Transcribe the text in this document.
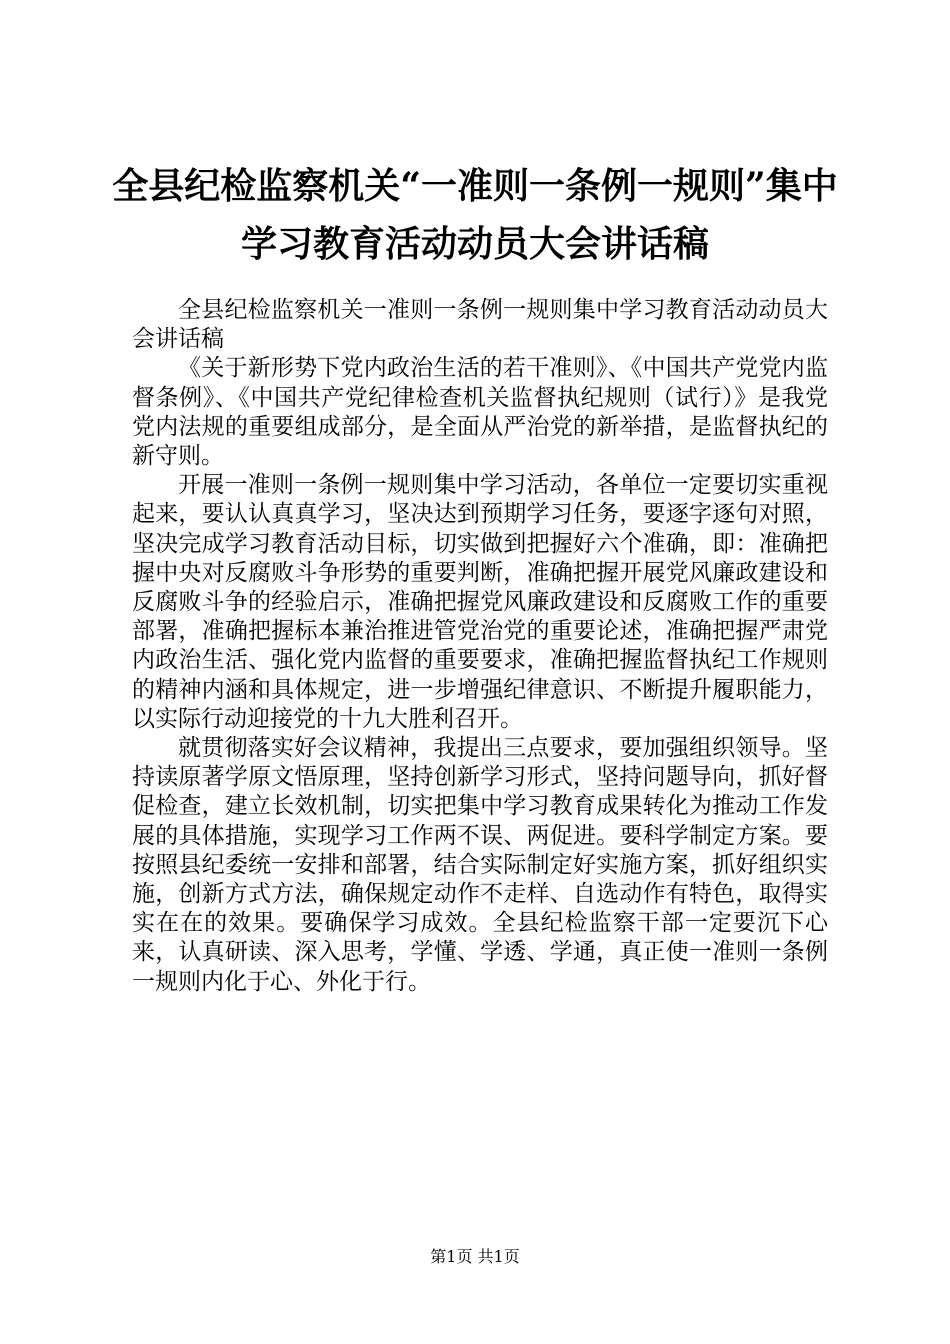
全县纪检监察机关“一准则一条例一规则”集中学习教育活动动员大会讲话稿

全县纪检监察机关一准则一条例一规则集中学习教育活动动员大会讲话稿

《关于新形势下党内政治生活的若干准则》、《中国共产党党内监督条例》、《中国共产党纪律检查机关监督执纪规则（试行）》是我党党内法规的重要组成部分，是全面从严治党的新举措，是监督执纪的新守则。

开展一准则一条例一规则集中学习活动，各单位一定要切实重视起来，要认认真真学习，坚决达到预期学习任务，要逐字逐句对照，坚决完成学习教育活动目标，切实做到把握好六个准确，即：准确把握中央对反腐败斗争形势的重要判断，准确把握开展党风廉政建设和反腐败斗争的经验启示，准确把握党风廉政建设和反腐败工作的重要部署，准确把握标本兼治推进管党治党的重要论述，准确把握严肃党内政治生活、强化党内监督的重要要求，准确把握监督执纪工作规则的精神内涵和具体规定，进一步增强纪律意识、不断提升履职能力，以实际行动迎接党的十九大胜利召开。

就贯彻落实好会议精神，我提出三点要求，要加强组织领导。坚持读原著学原文悟原理，坚持创新学习形式，坚持问题导向，抓好督促检查，建立长效机制，切实把集中学习教育成果转化为推动工作发展的具体措施，实现学习工作两不误、两促进。要科学制定方案。要按照县纪委统一安排和部署，结合实际制定好实施方案，抓好组织实施，创新方式方法，确保规定动作不走样、自选动作有特色，取得实实在在的效果。要确保学习成效。全县纪检监察干部一定要沉下心来，认真研读、深入思考，学懂、学透、学通，真正使一准则一条例一规则内化于心、外化于行。

第1页 共1页
